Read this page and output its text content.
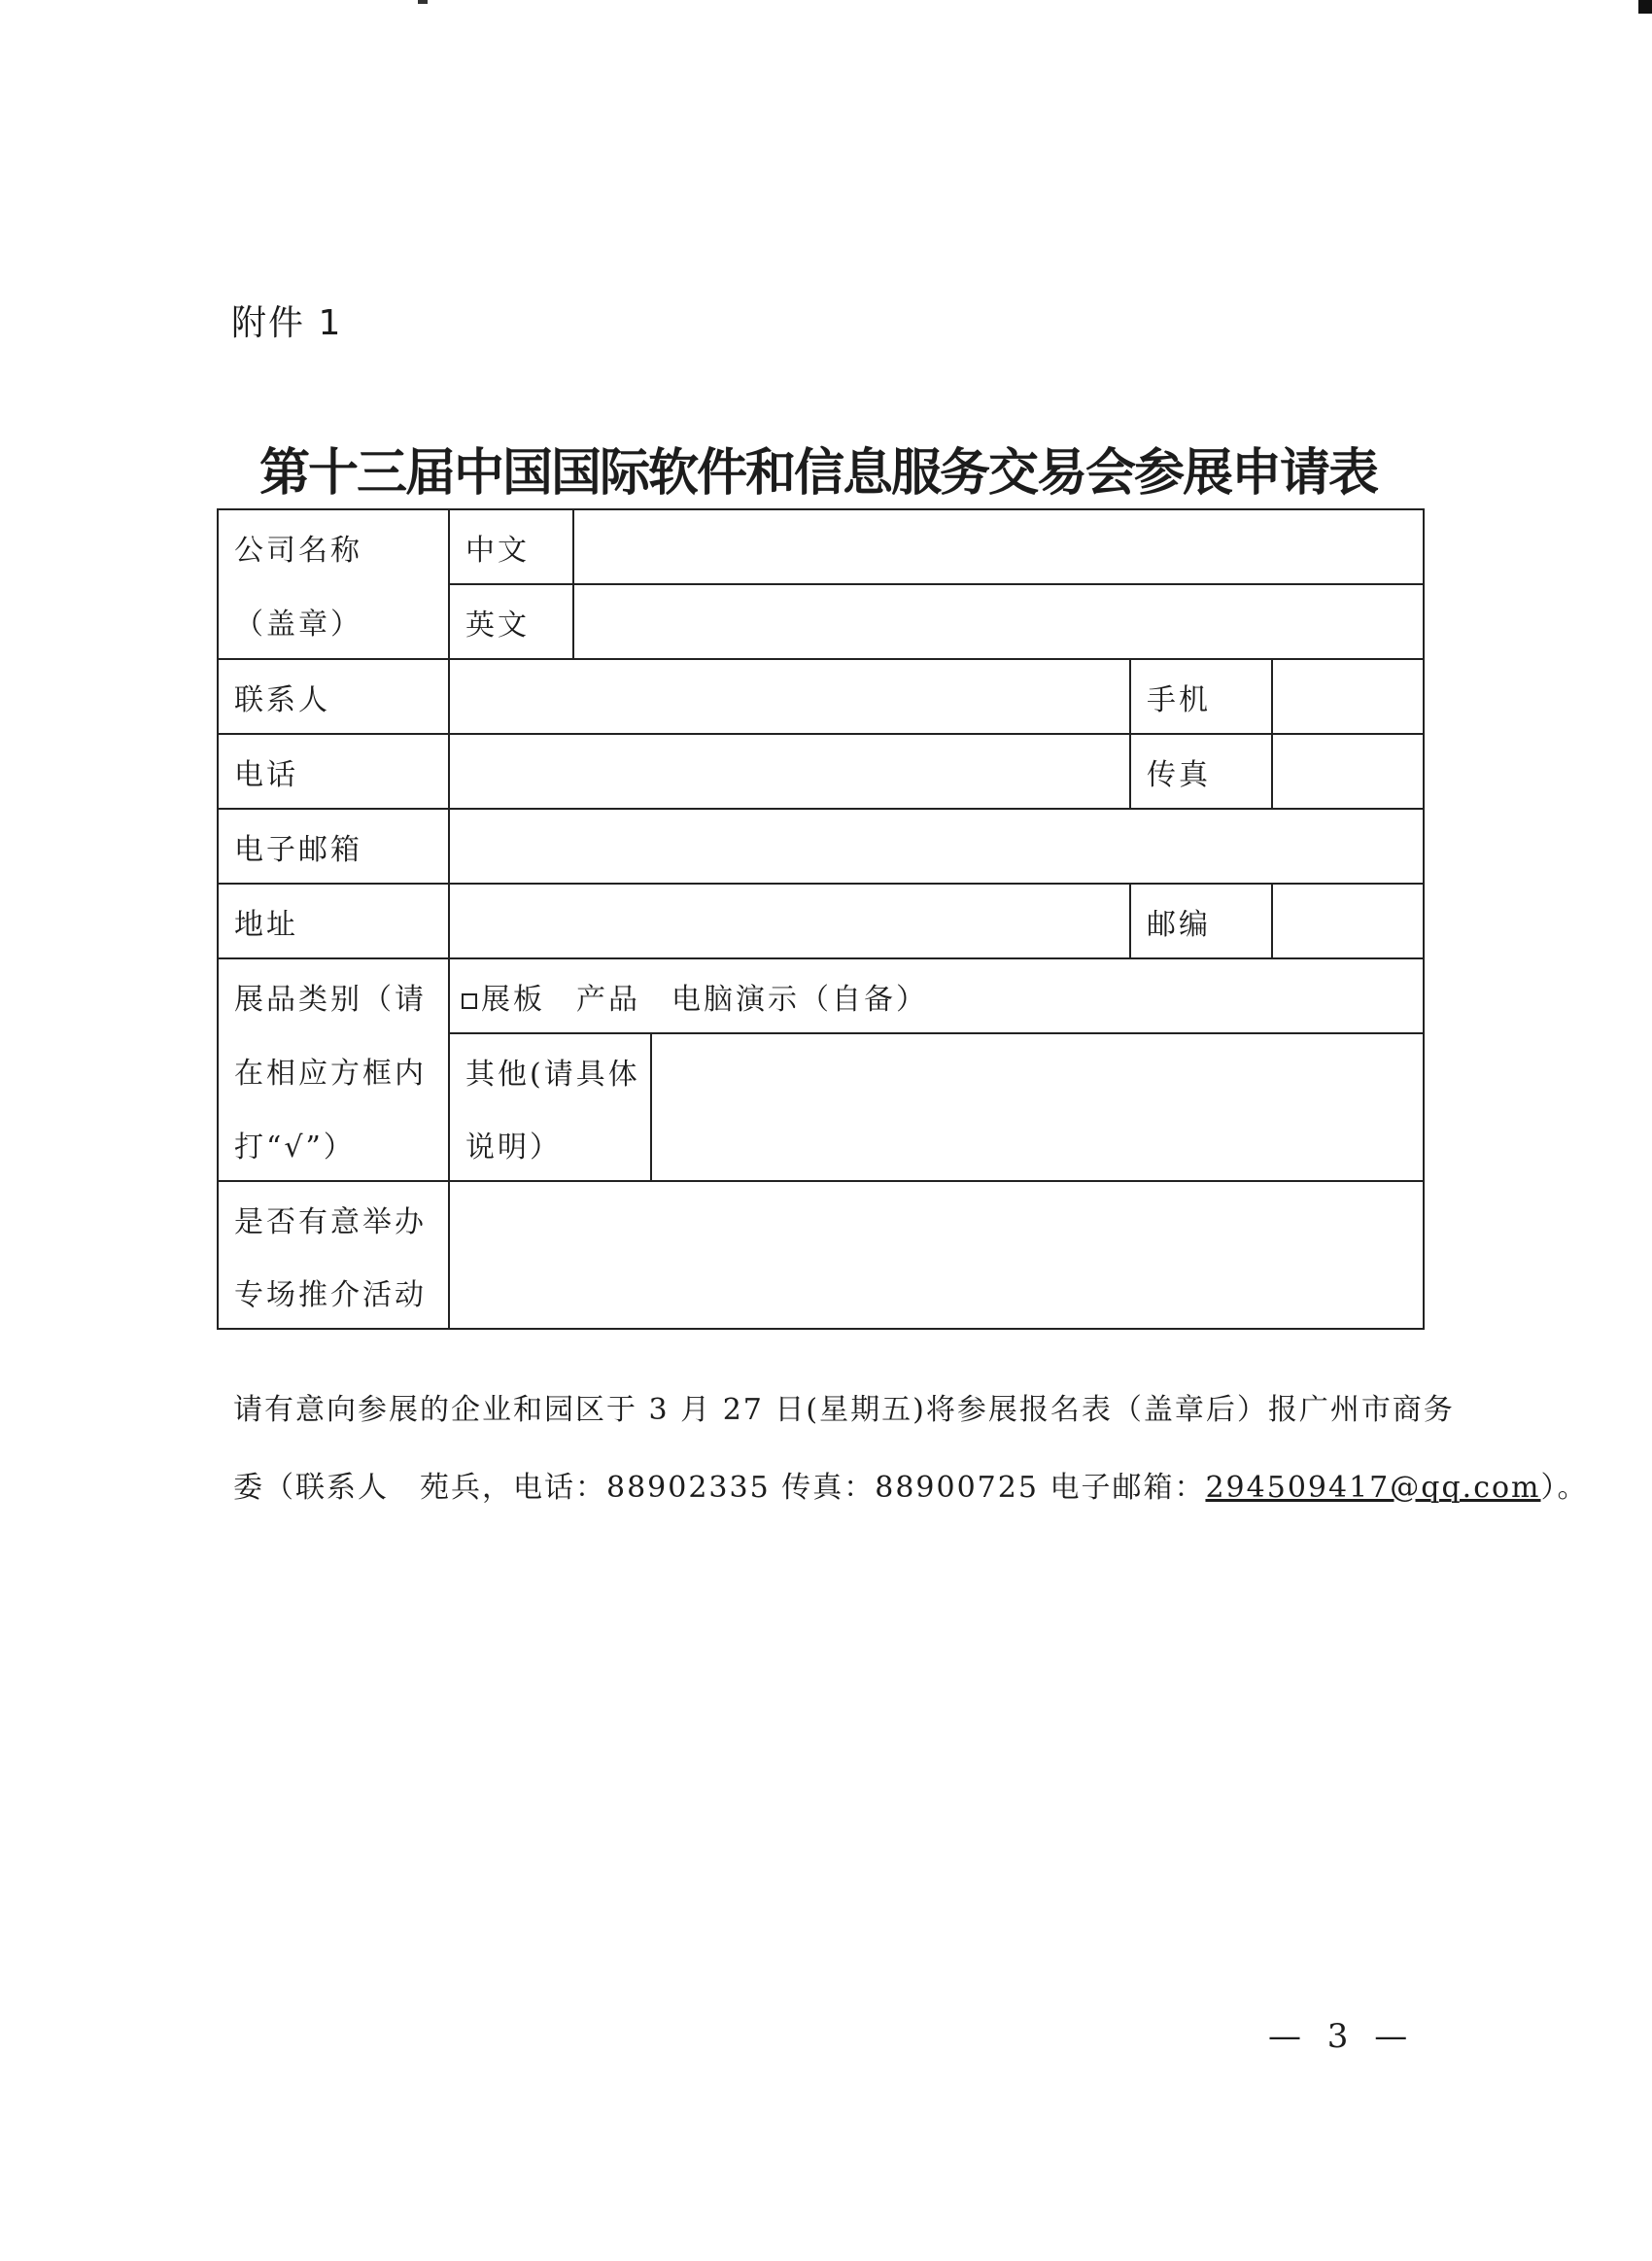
附件 1
第十三届中国国际软件和信息服务交易会参展申请表
公司名称	中文				
（盖章）	英文				
联系人				手机	
电话				传真	
电子邮箱					
地址				邮编	
展品类别（请	展板 产品 电脑演示（自备）				
在相应方框内	其他(请具体				
打“√”）	说明）				
是否有意举办					
专场推介活动					
请有意向参展的企业和园区于 3 月 27 日(星期五)将参展报名表（盖章后）报广州市商务
委（联系人　苑兵，电话：88902335 传真：88900725 电子邮箱：294509417@qq.com）。
— 3 —
